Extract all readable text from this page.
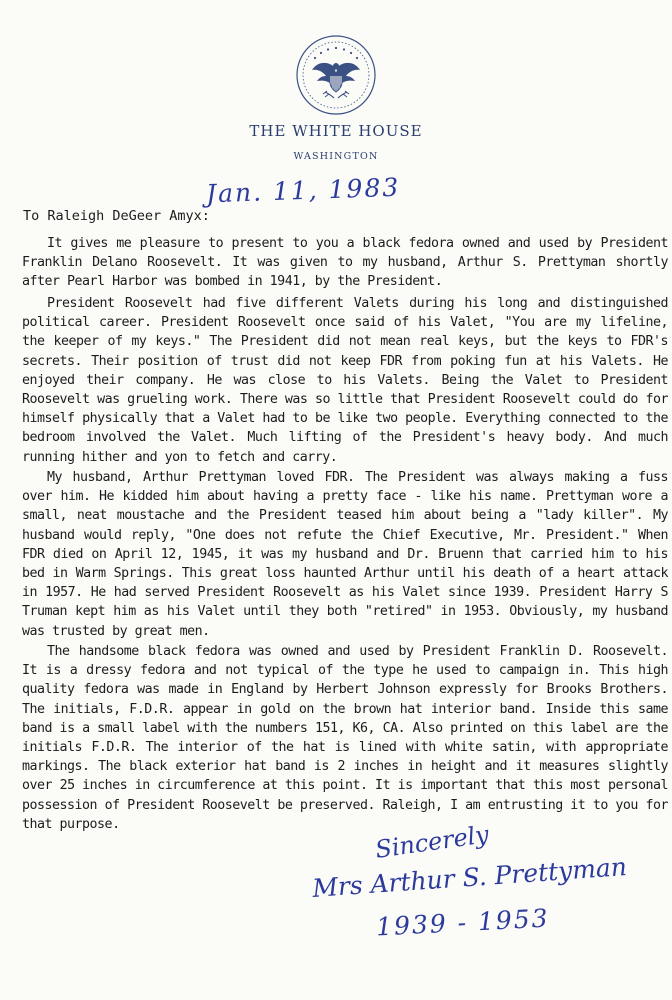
THE WHITE HOUSE
WASHINGTON
Jan. 11, 1983
To Raleigh DeGeer Amyx:

It gives me pleasure to present to you a black fedora owned and used by President Franklin Delano Roosevelt. It was given to my husband, Arthur S. Prettyman shortly after Pearl Harbor was bombed in 1941, by the President.

President Roosevelt had five different Valets during his long and distinguished political career. President Roosevelt once said of his Valet, "You are my lifeline, the keeper of my keys." The President did not mean real keys, but the keys to FDR's secrets. Their position of trust did not keep FDR from poking fun at his Valets. He enjoyed their company. He was close to his Valets. Being the Valet to President Roosevelt was grueling work. There was so little that President Roosevelt could do for himself physically that a Valet had to be like two people. Everything connected to the bedroom involved the Valet. Much lifting of the President's heavy body. And much running hither and yon to fetch and carry.

My husband, Arthur Prettyman loved FDR. The President was always making a fuss over him. He kidded him about having a pretty face - like his name. Prettyman wore a small, neat moustache and the President teased him about being a "lady killer". My husband would reply, "One does not refute the Chief Executive, Mr. President." When FDR died on April 12, 1945, it was my husband and Dr. Bruenn that carried him to his bed in Warm Springs. This great loss haunted Arthur until his death of a heart attack in 1957. He had served President Roosevelt as his Valet since 1939. President Harry S Truman kept him as his Valet until they both "retired" in 1953. Obviously, my husband was trusted by great men.

The handsome black fedora was owned and used by President Franklin D. Roosevelt. It is a dressy fedora and not typical of the type he used to campaign in. This high quality fedora was made in England by Herbert Johnson expressly for Brooks Brothers. The initials, F.D.R. appear in gold on the brown hat interior band. Inside this same band is a small label with the numbers 151, K6, CA. Also printed on this label are the initials F.D.R. The interior of the hat is lined with white satin, with appropriate markings. The black exterior hat band is 2 inches in height and it measures slightly over 25 inches in circumference at this point. It is important that this most personal possession of President Roosevelt be preserved. Raleigh, I am entrusting it to you for that purpose.	Sincerely
Mrs Arthur S. Prettyman
1939 - 1953
